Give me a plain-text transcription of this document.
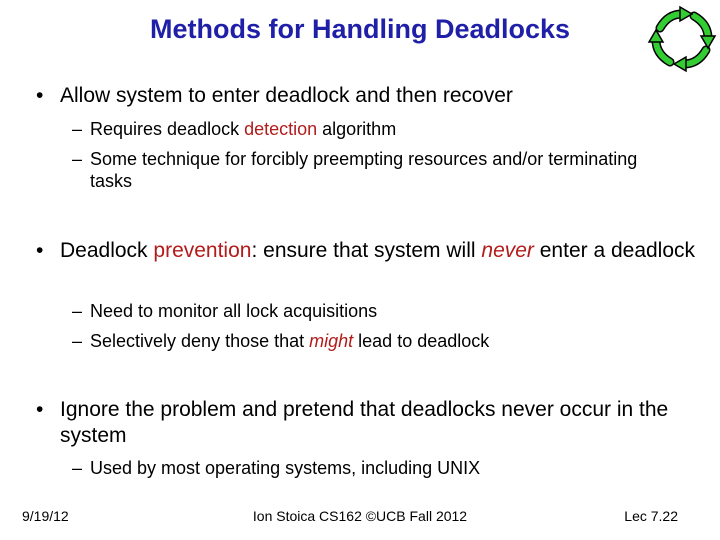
Methods for Handling Deadlocks
• Allow system to enter deadlock and then recover
– Requires deadlock detection algorithm
– Some technique for forcibly preempting resources and/or terminating tasks
• Deadlock prevention: ensure that system will never enter a deadlock
– Need to monitor all lock acquisitions
– Selectively deny those that might lead to deadlock
• Ignore the problem and pretend that deadlocks never occur in the system
– Used by most operating systems, including UNIX
9/19/12	Ion Stoica CS162 ©UCB Fall 2012	Lec 7.22
